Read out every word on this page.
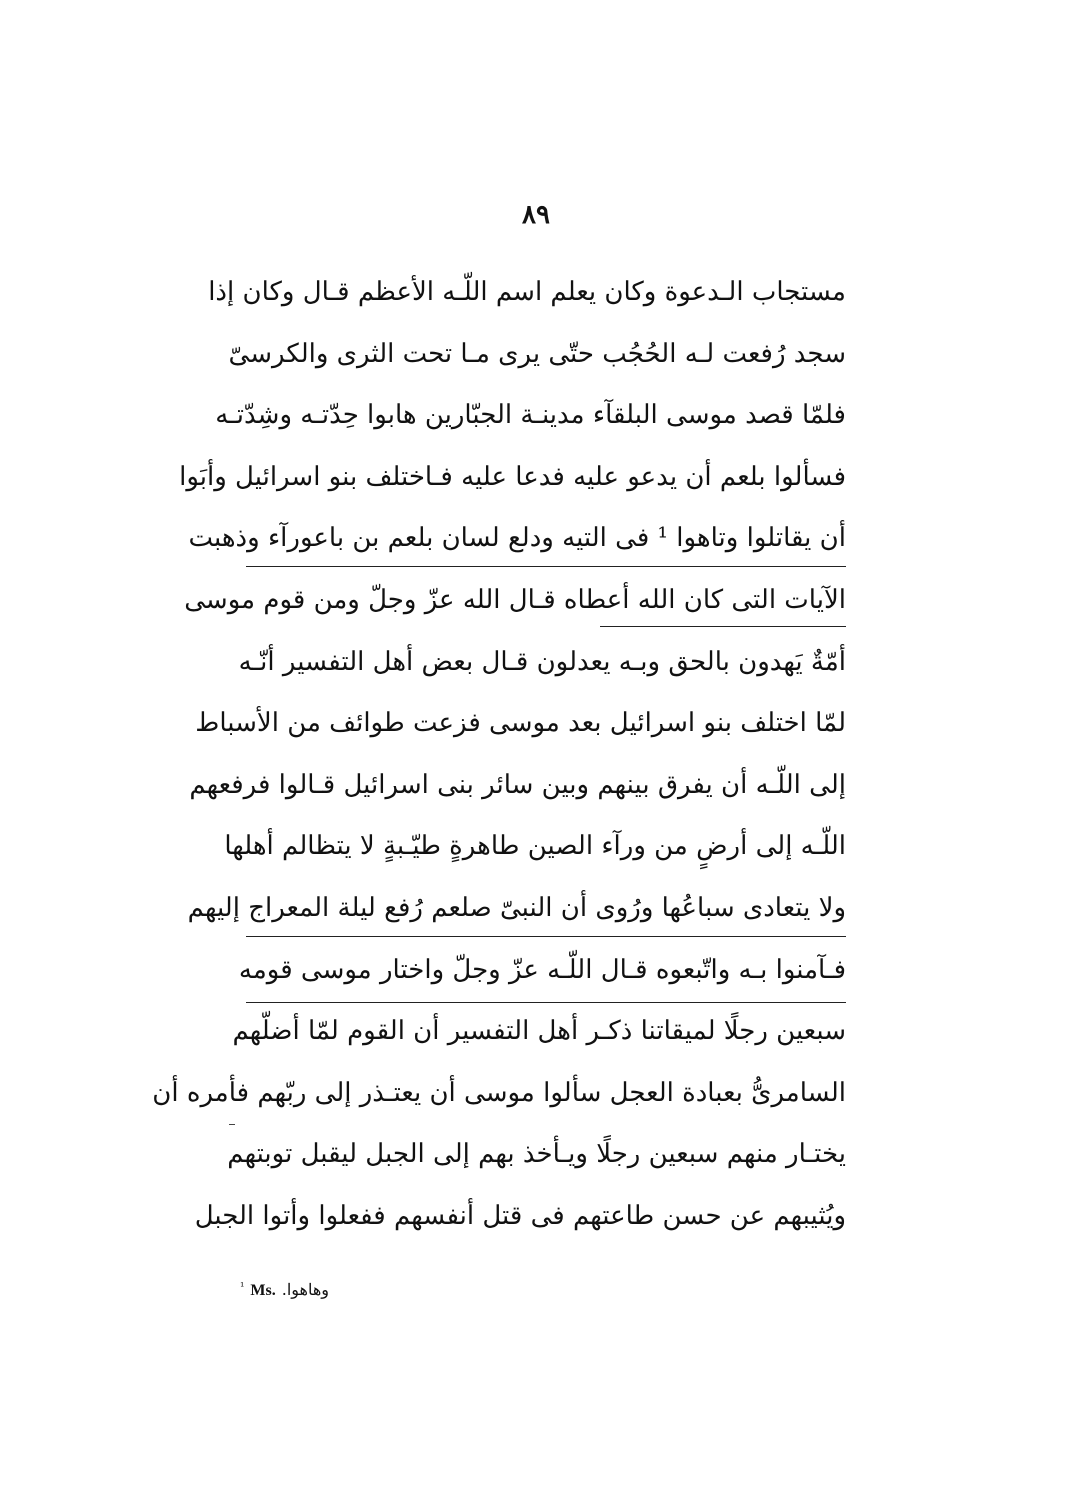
٨٩
مستجاب الـدعوة وكان يعلم اسم اللّـه الأعظم قـال وكان إذا
سجد رُفعت لـه الحُجُب حتّى يرى مـا تحت الثرى والكرسىّ
فلمّا قصد موسى البلقآء مدينـة الجبّارين هابوا حِدّتـه وشِدّتـه
فسألوا بلعم أن يدعو عليه فدعا عليه فـاختلف بنو اسرائيل وأبَوا
أن يقاتلوا وتاهوا ¹ فى التيه ودلع لسان بلعم بن باعورآء وذهبت
الآيات التى كان الله أعطاه قـال الله عزّ وجلّ ومن قوم موسى
أمّةٌ يَهدون بالحق وبـه يعدلون قـال بعض أهل التفسير أنّـه
لمّا اختلف بنو اسرائيل بعد موسى فزعت طوائف من الأسباط
إلى اللّـه أن يفرق بينهم وبين سائر بنى اسرائيل قـالوا فرفعهم
اللّـه إلى أرضٍ من ورآء الصين طاهرةٍ طيّـبةٍ لا يتظالم أهلها
ولا يتعادى سباعُها ورُوى أن النبىّ صلعم رُفع ليلة المعراج إليهم
فـآمنوا بـه واتّبعوه قـال اللّـه عزّ وجلّ واختار موسى قومه
سبعين رجلًا لميقاتنا ذكـر أهل التفسير أن القوم لمّا أضلّهم
السامرىُّ بعبادة العجل سألوا موسى أن يعتـذر إلى ربّهم فأمره أن
يختـار منهم سبعين رجلًا ويـأخذ بهم إلى الجبل ليقبل توبتهم
ويُثيبهم عن حسن طاعتهم فى قتل أنفسهم ففعلوا وأتوا الجبل
$^{^1}$ Ms. وهاهوا.
